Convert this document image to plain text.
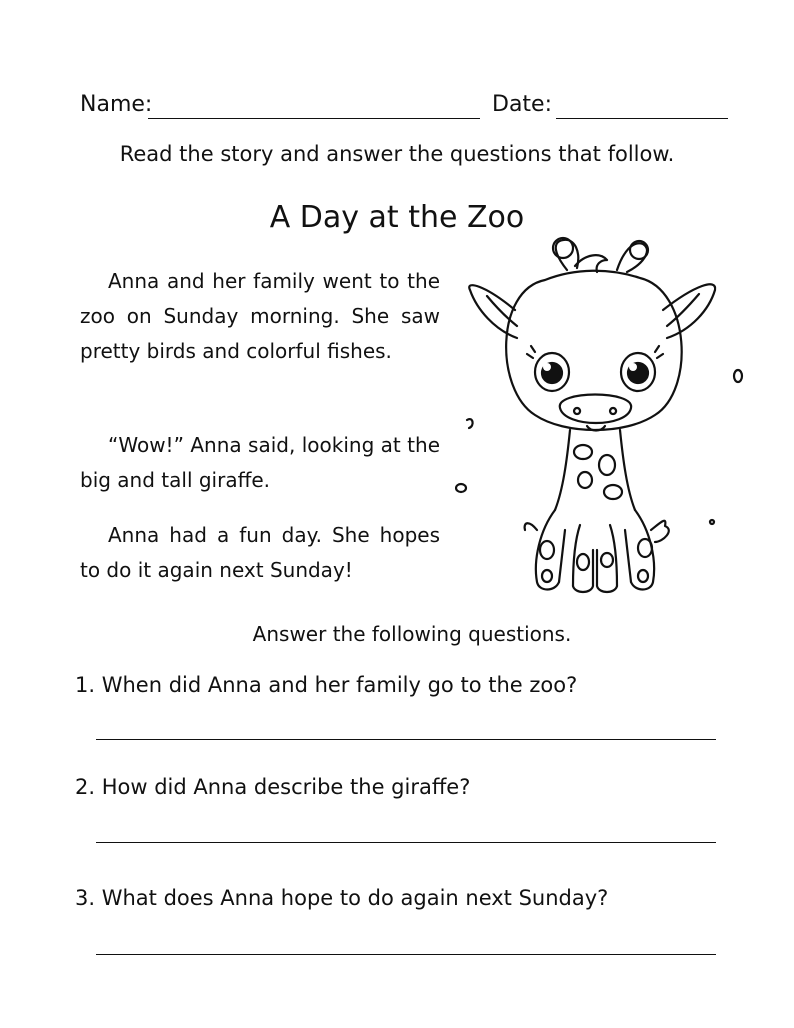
Name:	Date:
Read the story and answer the questions that follow.
A Day at the Zoo
Anna and her family went to the zoo on Sunday morning. She saw pretty birds and colorful fishes.
“Wow!” Anna said, looking at the big and tall giraffe.
Anna had a fun day. She hopes to do it again next Sunday!
Answer the following questions.
1. When did Anna and her family go to the zoo?
2. How did Anna describe the giraffe?
3. What does Anna hope to do again next Sunday?
